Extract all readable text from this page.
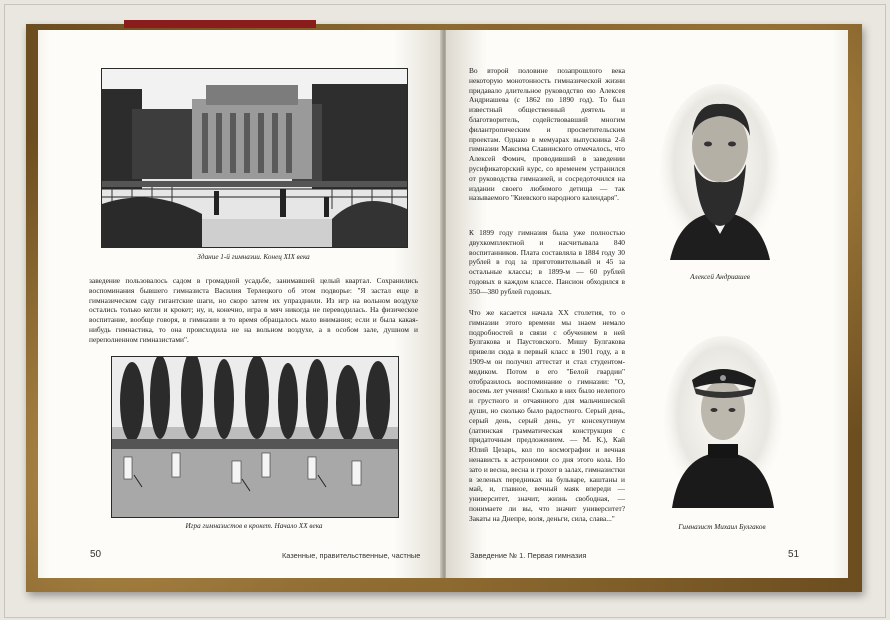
Здание 1-й гимназии. Конец XIX века

заведение пользовалось садом в громадной усадьбе, занимавшей целый квартал. Сохранились воспоминания бывшего гимназиста Василия Терлецкого об этом подворье: "Я застал еще в гимназическом саду гигантские шаги, но скоро затем их упразднили. Из игр на вольном воздухе остались только кегли и крокет; ну, и, конечно, игра в мяч никогда не переводилась. На физическое воспитание, вообще говоря, в гимназии в то время обращалось мало внимания; если и была какая-нибудь гимнастика, то она происходила не на вольном воздухе, а в особом зале, душном и переполненном гимназистами".

Игра гимназистов в крокет. Начало XX века
50	Казенные, правительственные, частные

Во второй половине позапрошлого века некоторую монотонность гимназической жизни придавало длительное руководство ею Алексея Андриашева (с 1862 по 1890 год). То был известный общественный деятель и благотворитель, содействовавший многим филантропическим и просветительским проектам. Однако в мемуарах выпускника 2-й гимназии Максима Славинского отмечалось, что Алексей Фомич, проводивший в заведении русификаторский курс, со временем устранился от руководства гимназией, и сосредоточился на издании своего любимого детища — так называемого "Киевского народного календаря".

К 1899 году гимназия была уже полностью двухкомплектной и насчитывала 840 воспитанников. Плата составляла в 1884 году 30 рублей в год за приготовительный и 45 за остальные классы; в 1899-м — 60 рублей годовых в каждом классе. Пансион обходился в 350—380 рублей годовых.

Что же касается начала XX столетия, то о гимназии этого времени мы знаем немало подробностей в связи с обучением в ней Булгакова и Паустовского. Мишу Булгакова привели сюда в первый класс в 1901 году, а в 1909-м он получил аттестат и стал студентом-медиком. Потом в его "Белой гвардии" отобразилось воспоминание о гимназии: "О, восемь лет учения! Сколько в них было нелепого и грустного и отчаянного для мальчишеской души, но сколько было радостного. Серый день, серый день, серый день, ут консекутивум (латинская грамматическая конструкция с придаточным предложением. — М. К.), Кай Юлий Цезарь, кол по космографии и вечная ненависть к астрономии со дня этого кола. Но зато и весна, весна и грохот в залах, гимназистки в зеленых передниках на бульваре, каштаны и май, и, главное, вечный маяк впереди — университет, значит, жизнь свободная, — понимаете ли вы, что значит университет? Закаты на Днепре, воля, деньги, сила, слава..."

Алексей Андриашев
Гимназист Михаил Булгаков
Заведение № 1. Первая гимназия	51
